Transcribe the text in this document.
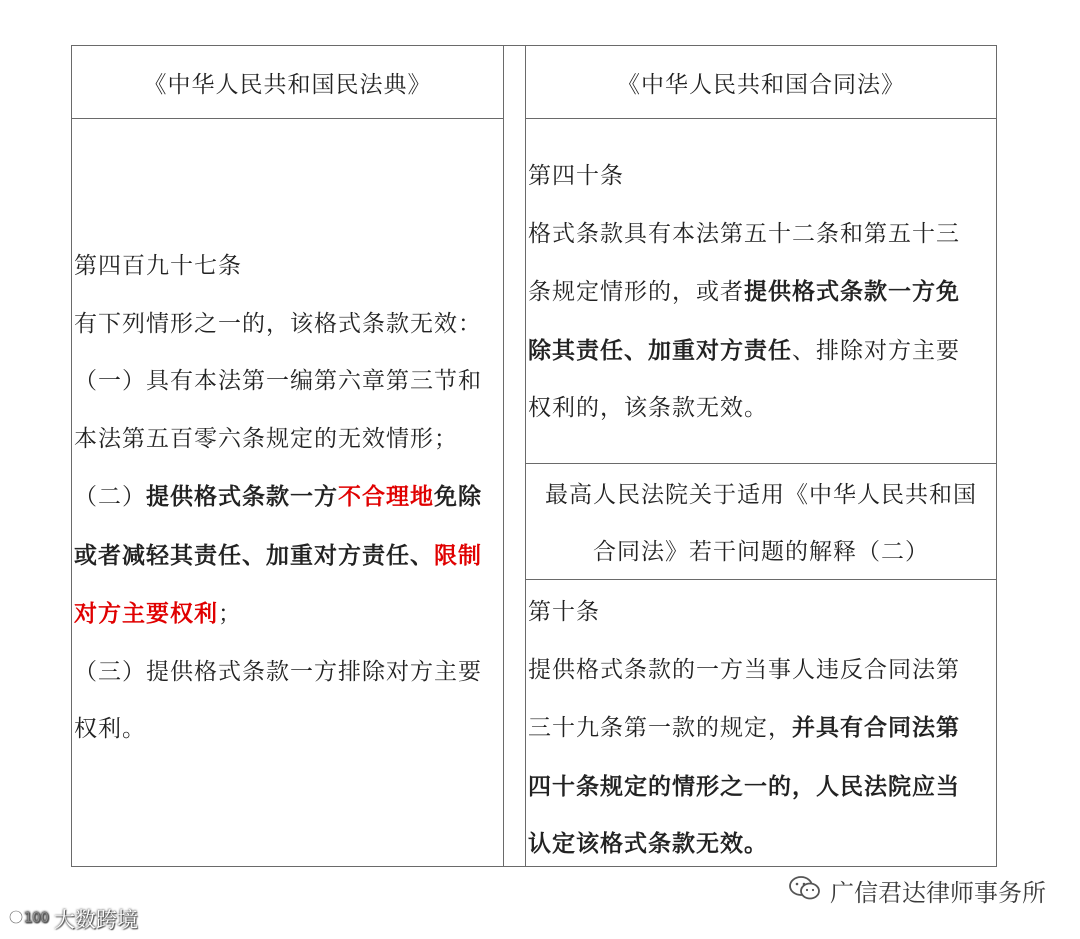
《中华人民共和国民法典》	《中华人民共和国合同法》

第四百九十七条

有下列情形之一的，该格式条款无效：

（一）具有本法第一编第六章第三节和

本法第五百零六条规定的无效情形；

（二）提供格式条款一方不合理地免除

或者减轻其责任、加重对方责任、限制

对方主要权利；

（三）提供格式条款一方排除对方主要

权利。

第四十条

格式条款具有本法第五十二条和第五十三

条规定情形的，或者提供格式条款一方免

除其责任、加重对方责任、排除对方主要

权利的，该条款无效。

最高人民法院关于适用《中华人民共和国

合同法》若干问题的解释（二）

第十条

提供格式条款的一方当事人违反合同法第

三十九条第一款的规定，并具有合同法第

四十条规定的情形之一的，人民法院应当

认定该格式条款无效。

广信君达律师事务所
100 大数跨境
